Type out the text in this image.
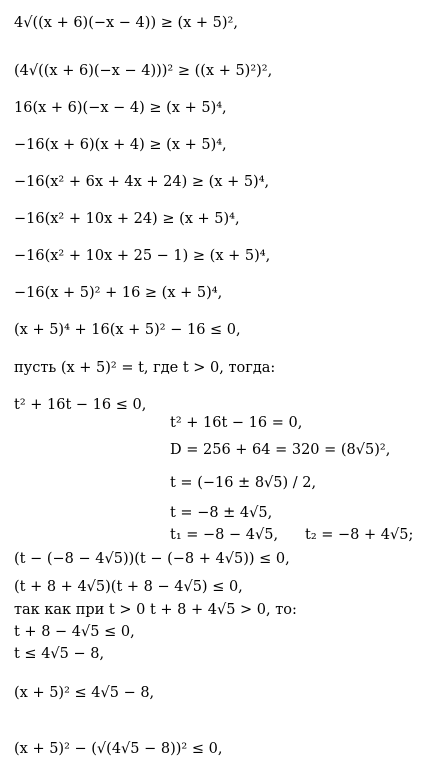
4√((x + 6)(−x − 4)) ≥ (x + 5)²,
(4√((x + 6)(−x − 4)))² ≥ ((x + 5)²)²,
16(x + 6)(−x − 4) ≥ (x + 5)⁴,
−16(x + 6)(x + 4) ≥ (x + 5)⁴,
−16(x² + 6x + 4x + 24) ≥ (x + 5)⁴,
−16(x² + 10x + 24) ≥ (x + 5)⁴,
−16(x² + 10x + 25 − 1) ≥ (x + 5)⁴,
−16(x + 5)² + 16 ≥ (x + 5)⁴,
(x + 5)⁴ + 16(x + 5)² − 16 ≤ 0,
пусть (x + 5)² = t, где t > 0, тогда:
t² + 16t − 16 ≤ 0,
t² + 16t − 16 = 0,
D = 256 + 64 = 320 = (8√5)²,
t = (−16 ± 8√5) / 2,
t = −8 ± 4√5,
t₁ = −8 − 4√5, t₂ = −8 + 4√5;
(t − (−8 − 4√5))(t − (−8 + 4√5)) ≤ 0,
(t + 8 + 4√5)(t + 8 − 4√5) ≤ 0,
так как при t > 0 t + 8 + 4√5 > 0, то:
t + 8 − 4√5 ≤ 0,
t ≤ 4√5 − 8,
(x + 5)² ≤ 4√5 − 8,
(x + 5)² − (√(4√5 − 8))² ≤ 0,
